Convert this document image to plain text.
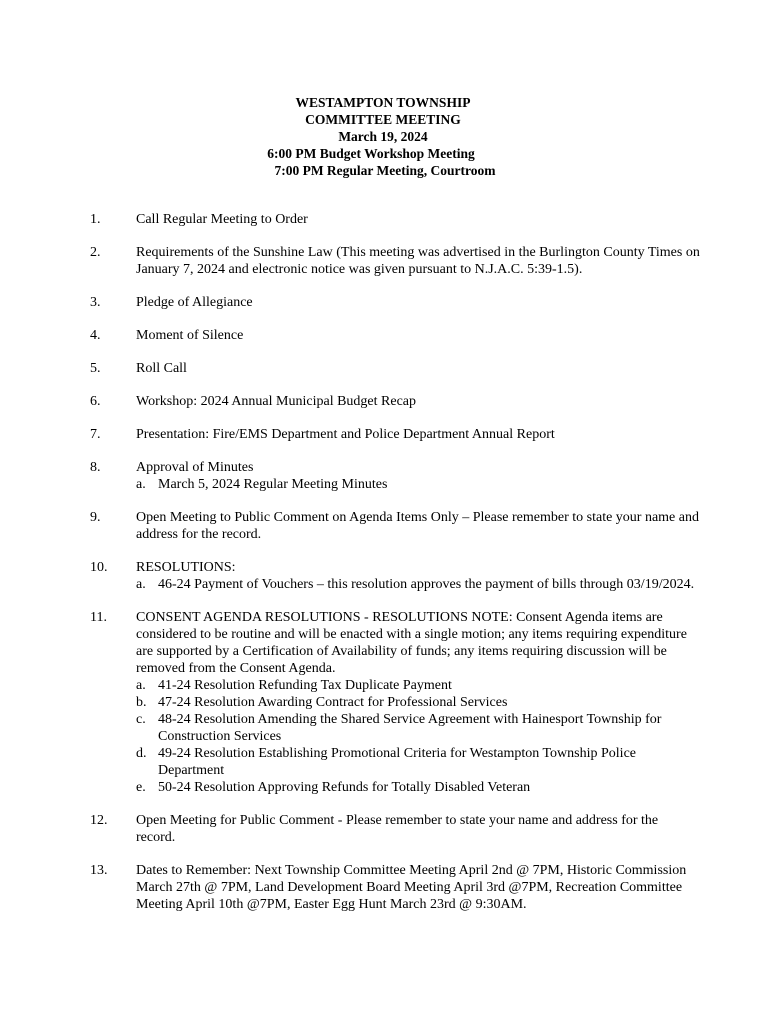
WESTAMPTON TOWNSHIP
COMMITTEE MEETING
March 19, 2024
6:00 PM Budget Workshop Meeting
7:00 PM Regular Meeting, Courtroom
1.	Call Regular Meeting to Order
2.	Requirements of the Sunshine Law (This meeting was advertised in the Burlington County Times on January 7, 2024 and electronic notice was given pursuant to N.J.A.C. 5:39-1.5).
3.	Pledge of Allegiance
4.	Moment of Silence
5.	Roll Call
6.	Workshop: 2024 Annual Municipal Budget Recap
7.	Presentation: Fire/EMS Department and Police Department Annual Report
8.	Approval of Minutes
a. March 5, 2024 Regular Meeting Minutes
9.	Open Meeting to Public Comment on Agenda Items Only – Please remember to state your name and address for the record.
10. RESOLUTIONS:
a. 46-24 Payment of Vouchers – this resolution approves the payment of bills through 03/19/2024.
11. CONSENT AGENDA RESOLUTIONS - RESOLUTIONS NOTE: Consent Agenda items are considered to be routine and will be enacted with a single motion; any items requiring expenditure are supported by a Certification of Availability of funds; any items requiring discussion will be removed from the Consent Agenda.
a. 41-24 Resolution Refunding Tax Duplicate Payment
b. 47-24 Resolution Awarding Contract for Professional Services
c. 48-24 Resolution Amending the Shared Service Agreement with Hainesport Township for Construction Services
d. 49-24 Resolution Establishing Promotional Criteria for Westampton Township Police Department
e. 50-24 Resolution Approving Refunds for Totally Disabled Veteran
12. Open Meeting for Public Comment - Please remember to state your name and address for the record.
13. Dates to Remember: Next Township Committee Meeting April 2nd @ 7PM, Historic Commission March 27th @ 7PM, Land Development Board Meeting April 3rd @7PM, Recreation Committee Meeting April 10th @7PM, Easter Egg Hunt March 23rd @ 9:30AM.
